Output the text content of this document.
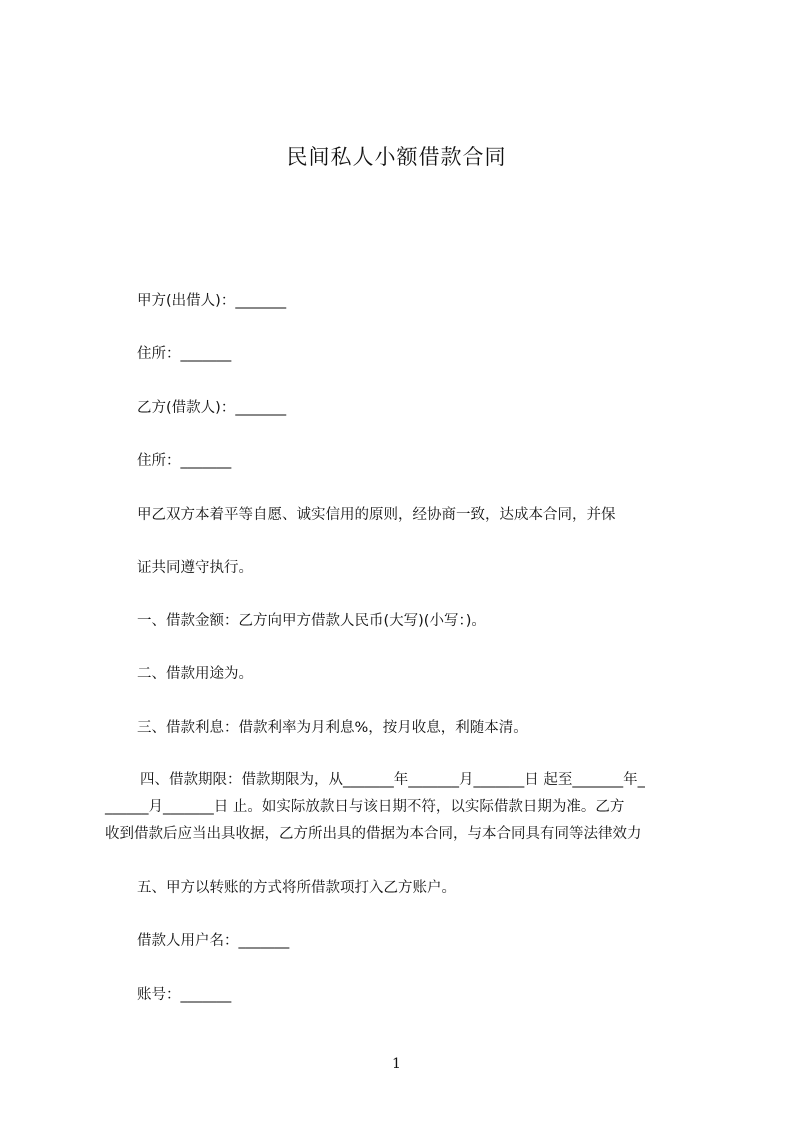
民间私人小额借款合同
甲方(出借人)：_______
住所：_______
乙方(借款人)：_______
住所：_______
甲乙双方本着平等自愿、诚实信用的原则，经协商一致，达成本合同，并保
证共同遵守执行。
一、借款金额：乙方向甲方借款人民币(大写)(小写：)。
二、借款用途为。
三、借款利息：借款利率为月利息%，按月收息，利随本清。
四、借款期限：借款期限为，从_______年_______月_______日 起至_______年_
______月_______日 止。如实际放款日与该日期不符，以实际借款日期为准。乙方
收到借款后应当出具收据，乙方所出具的借据为本合同，与本合同具有同等法律效力
五、甲方以转账的方式将所借款项打入乙方账户。
借款人用户名：_______
账号：_______
1
